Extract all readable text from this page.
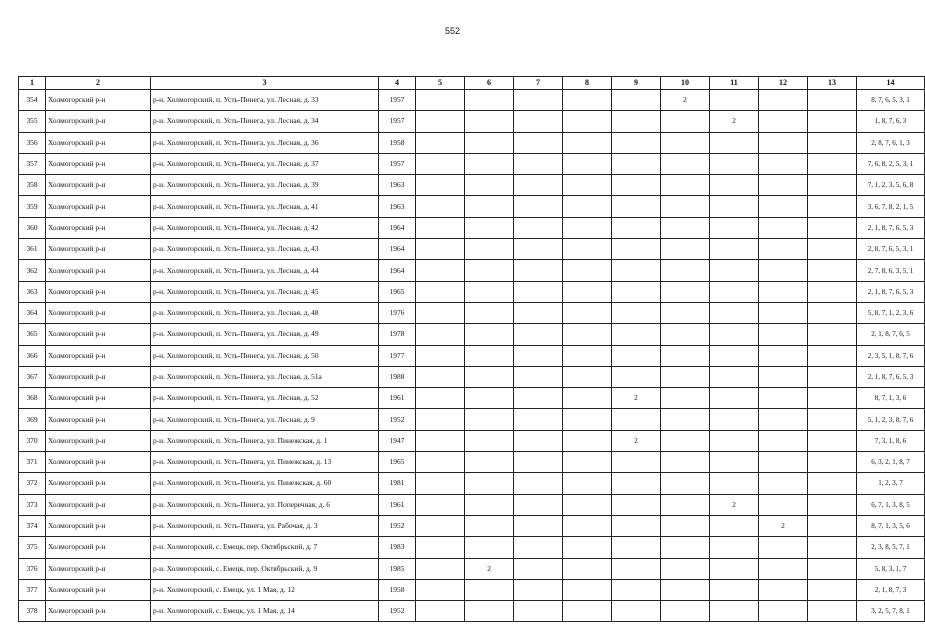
552
1	2	3	4	5	6	7	8	9	10	11	12	13	14
354	Холмогорский р-н	р-н. Холмогорский, п. Усть-Пинега, ул. Лесная, д. 33	1957						2				8, 7, 6, 5, 3, 1
355	Холмогорский р-н	р-н. Холмогорский, п. Усть-Пинега, ул. Лесная, д. 34	1957							2			1, 8, 7, 6, 3
356	Холмогорский р-н	р-н. Холмогорский, п. Усть-Пинега, ул. Лесная, д. 36	1958										2, 8, 7, 6, 1, 3
357	Холмогорский р-н	р-н. Холмогорский, п. Усть-Пинега, ул. Лесная, д. 37	1957										7, 6, 8, 2, 5, 3, 1
358	Холмогорский р-н	р-н. Холмогорский, п. Усть-Пинега, ул. Лесная, д. 39	1963										7, 1, 2, 3, 5, 6, 8
359	Холмогорский р-н	р-н. Холмогорский, п. Усть-Пинега, ул. Лесная, д. 41	1963										3, 6, 7, 8, 2, 1, 5
360	Холмогорский р-н	р-н. Холмогорский, п. Усть-Пинега, ул. Лесная, д. 42	1964										2, 1, 8, 7, 6, 5, 3
361	Холмогорский р-н	р-н. Холмогорский, п. Усть-Пинега, ул. Лесная, д. 43	1964										2, 8, 7, 6, 5, 3, 1
362	Холмогорский р-н	р-н. Холмогорский, п. Усть-Пинега, ул. Лесная, д. 44	1964										2, 7, 8, 6, 3, 5, 1
363	Холмогорский р-н	р-н. Холмогорский, п. Усть-Пинега, ул. Лесная, д. 45	1965										2, 1, 8, 7, 6, 5, 3
364	Холмогорский р-н	р-н. Холмогорский, п. Усть-Пинега, ул. Лесная, д. 48	1976										5, 8, 7, 1, 2, 3, 6
365	Холмогорский р-н	р-н. Холмогорский, п. Усть-Пинега, ул. Лесная, д. 49	1978										2, 1, 8, 7, 6, 5
366	Холмогорский р-н	р-н. Холмогорский, п. Усть-Пинега, ул. Лесная, д. 50	1977										2, 3, 5, 1, 8, 7, 6
367	Холмогорский р-н	р-н. Холмогорский, п. Усть-Пинега, ул. Лесная, д. 51а	1988										2, 1, 8, 7, 6, 5, 3
368	Холмогорский р-н	р-н. Холмогорский, п. Усть-Пинега, ул. Лесная, д. 52	1961					2					8, 7, 1, 3, 6
369	Холмогорский р-н	р-н. Холмогорский, п. Усть-Пинега, ул. Лесная, д. 9	1952										5, 1, 2, 3, 8, 7, 6
370	Холмогорский р-н	р-н. Холмогорский, п. Усть-Пинега, ул. Пинежская, д. 1	1947					2					7, 3, 1, 8, 6
371	Холмогорский р-н	р-н. Холмогорский, п. Усть-Пинега, ул. Пинежская, д. 13	1965										6, 3, 2, 1, 8, 7
372	Холмогорский р-н	р-н. Холмогорский, п. Усть-Пинега, ул. Пинежская, д. 60	1981										1, 2, 3, 7
373	Холмогорский р-н	р-н. Холмогорский, п. Усть-Пинега, ул. Поперечная, д. 6	1961							2			6, 7, 1, 3, 8, 5
374	Холмогорский р-н	р-н. Холмогорский, п. Усть-Пинега, ул. Рабочая, д. 3	1952								2		8, 7, 1, 3, 5, 6
375	Холмогорский р-н	р-н. Холмогорский, с. Емецк, пер. Октябрьский, д. 7	1983										2, 3, 8, 5, 7, 1
376	Холмогорский р-н	р-н. Холмогорский, с. Емецк, пер. Октябрьский, д. 9	1985		2								5, 8, 3, 1, 7
377	Холмогорский р-н	р-н. Холмогорский, с. Емецк, ул. 1 Мая, д. 12	1958										2, 1, 8, 7, 3
378	Холмогорский р-н	р-н. Холмогорский, с. Емецк, ул. 1 Мая, д. 14	1952										3, 2, 5, 7, 8, 1
